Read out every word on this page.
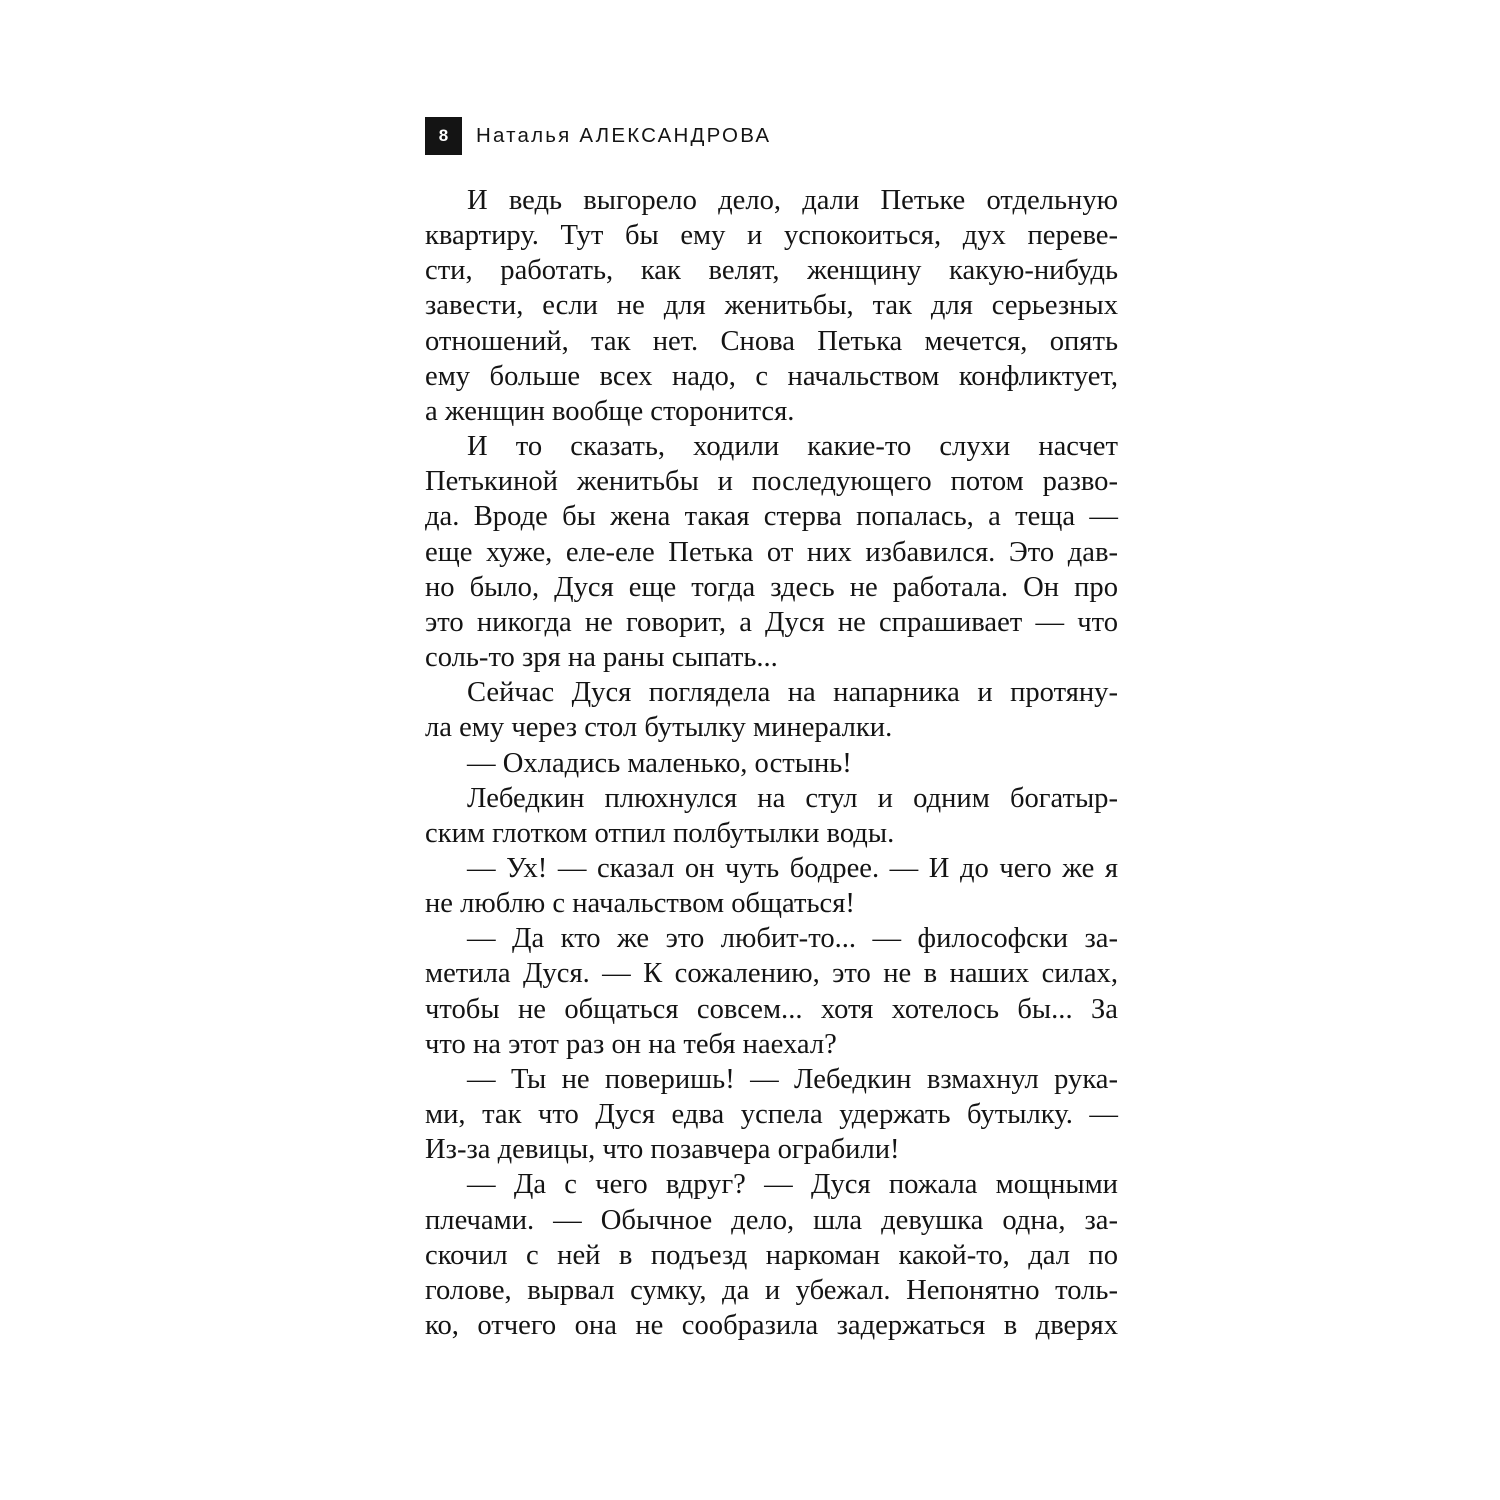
8	Наталья АЛЕКСАНДРОВА
И ведь выгорело дело, дали Петьке отдельную
квартиру. Тут бы ему и успокоиться, дух переве-
сти, работать, как велят, женщину какую-нибудь
завести, если не для женитьбы, так для серьезных
отношений, так нет. Снова Петька мечется, опять
ему больше всех надо, с начальством конфликтует,
а женщин вообще сторонится.
И то сказать, ходили какие-то слухи насчет
Петькиной женитьбы и последующего потом разво-
да. Вроде бы жена такая стерва попалась, а теща —
еще хуже, еле-еле Петька от них избавился. Это дав-
но было, Дуся еще тогда здесь не работала. Он про
это никогда не говорит, а Дуся не спрашивает — что
соль-то зря на раны сыпать...
Сейчас Дуся поглядела на напарника и протяну-
ла ему через стол бутылку минералки.
— Охладись маленько, остынь!
Лебедкин плюхнулся на стул и одним богатыр-
ским глотком отпил полбутылки воды.
— Ух! — сказал он чуть бодрее. — И до чего же я
не люблю с начальством общаться!
— Да кто же это любит-то... — философски за-
метила Дуся. — К сожалению, это не в наших силах,
чтобы не общаться совсем... хотя хотелось бы... За
что на этот раз он на тебя наехал?
— Ты не поверишь! — Лебедкин взмахнул рука-
ми, так что Дуся едва успела удержать бутылку. —
Из-за девицы, что позавчера ограбили!
— Да с чего вдруг? — Дуся пожала мощными
плечами. — Обычное дело, шла девушка одна, за-
скочил с ней в подъезд наркоман какой-то, дал по
голове, вырвал сумку, да и убежал. Непонятно толь-
ко, отчего она не сообразила задержаться в дверях
